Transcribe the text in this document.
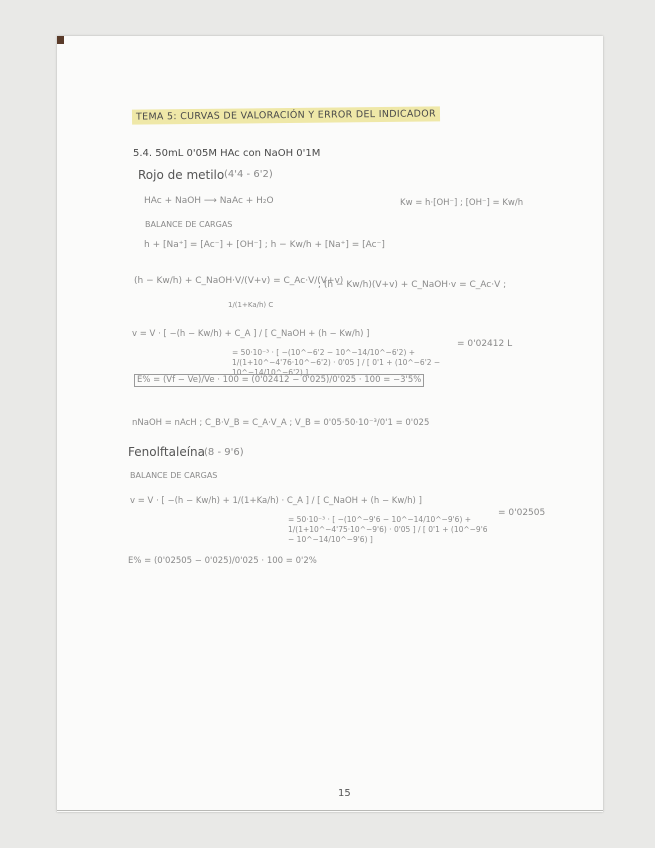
TEMA 5: CURVAS DE VALORACIÓN Y ERROR DEL INDICADOR
5.4. 50mL 0'05M HAc con NaOH 0'1M
Rojo de metilo (4'4 - 6'2)
HAc + NaOH ⟶ NaAc + H₂O	Kw = h·[OH⁻] ; [OH⁻] = Kw/h
BALANCE DE CARGAS
h + [Na⁺] = [Ac⁻] + [OH⁻] ; h − Kw/h + [Na⁺] = [Ac⁻]
(h − Kw/h) + C_NaOH·V/(V+v) = C_Ac·V/(V+v)
; (h − Kw/h)(V+v) + C_NaOH·v = C_Ac·V ;
1/(1+Ka/h) C
v = V · [ −(h − Kw/h) + C_A ] / [ C_NaOH + (h − Kw/h) ]
= 50·10⁻³ · [ −(10^−6'2 − 10^−14/10^−6'2) + 1/(1+10^−4'76·10^−6'2) · 0'05 ] / [ 0'1 + (10^−6'2 − 10^−14/10^−6'2) ]
= 0'02412 L
E% = (Vf − Ve)/Ve · 100 = (0'02412 − 0'025)/0'025 · 100 = −3'5%
nNaOH = nAcH ; C_B·V_B = C_A·V_A ; V_B = 0'05·50·10⁻³/0'1 = 0'025
Fenolftaleína (8 - 9'6)
BALANCE DE CARGAS
v = V · [ −(h − Kw/h) + 1/(1+Ka/h) · C_A ] / [ C_NaOH + (h − Kw/h) ]
= 50·10⁻³ · [ −(10^−9'6 − 10^−14/10^−9'6) + 1/(1+10^−4'75·10^−9'6) · 0'05 ] / [ 0'1 + (10^−9'6 − 10^−14/10^−9'6) ]
= 0'02505
E% = (0'02505 − 0'025)/0'025 · 100 = 0'2%
15
